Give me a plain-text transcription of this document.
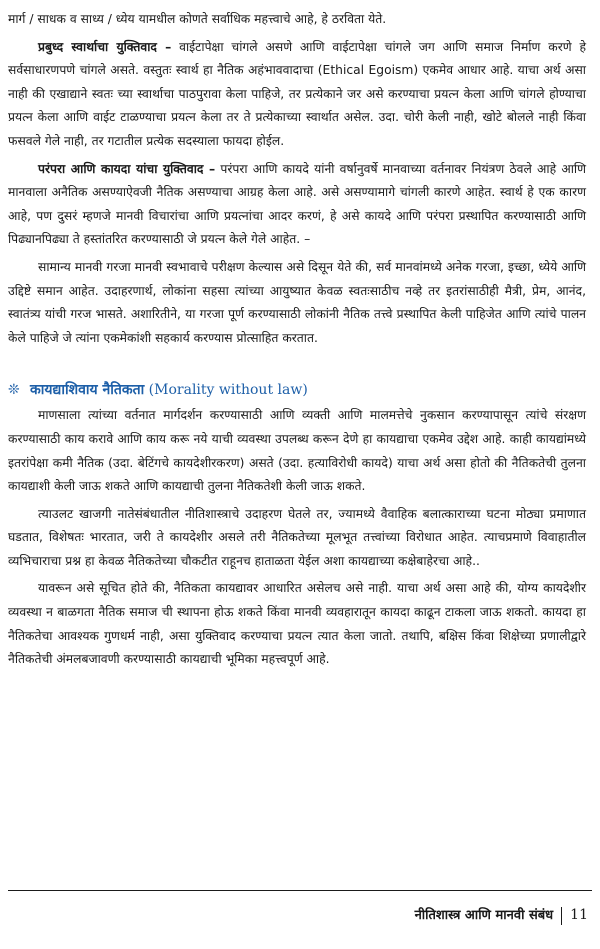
मार्ग / साधक व साध्य / ध्येय यामधील कोणते सर्वाधिक महत्त्वाचे आहे, हे ठरविता येते.

प्रबुध्द स्वार्थाचा युक्तिवाद – वाईटापेक्षा चांगले असणे आणि वाईटापेक्षा चांगले जग आणि समाज निर्माण करणे हे सर्वसाधारणपणे चांगले असते. वस्तुतः स्वार्थ हा नैतिक अहंभाववादाचा (Ethical Egoism) एकमेव आधार आहे. याचा अर्थ असा नाही की एखाद्याने स्वतः च्या स्वार्थाचा पाठपुरावा केला पाहिजे, तर प्रत्येकाने जर असे करण्याचा प्रयत्न केला आणि चांगले होण्याचा प्रयत्न केला आणि वाईट टाळण्याचा प्रयत्न केला तर ते प्रत्येकाच्या स्वार्थात असेल. उदा. चोरी केली नाही, खोटे बोलले नाही किंवा फसवले गेले नाही, तर गटातील प्रत्येक सदस्याला फायदा होईल.

परंपरा आणि कायदा यांचा युक्तिवाद – परंपरा आणि कायदे यांनी वर्षानुवर्षे मानवाच्या वर्तनावर नियंत्रण ठेवले आहे आणि मानवाला अनैतिक असण्याऐवजी नैतिक असण्याचा आग्रह केला आहे. असे असण्यामागे चांगली कारणे आहेत. स्वार्थ हे एक कारण आहे, पण दुसरं म्हणजे मानवी विचारांचा आणि प्रयत्नांचा आदर करणं, हे असे कायदे आणि परंपरा प्रस्थापित करण्यासाठी आणि पिढ्यानपिढ्या ते हस्तांतरित करण्यासाठी जे प्रयत्न केले गेले आहेत. –

सामान्य मानवी गरजा मानवी स्वभावाचे परीक्षण केल्यास असे दिसून येते की, सर्व मानवांमध्ये अनेक गरजा, इच्छा, ध्येये आणि उद्दिष्टे समान आहेत. उदाहरणार्थ, लोकांना सहसा त्यांच्या आयुष्यात केवळ स्वतःसाठीच नव्हे तर इतरांसाठीही मैत्री, प्रेम, आनंद, स्वातंत्र्य यांची गरज भासते. अशारितीने, या गरजा पूर्ण करण्यासाठी लोकांनी नैतिक तत्त्वे प्रस्थापित केली पाहिजेत आणि त्यांचे पालन केले पाहिजे जे त्यांना एकमेकांशी सहकार्य करण्यास प्रोत्साहित करतात.

❊ कायद्याशिवाय नैतिकता (Morality without law)

माणसाला त्यांच्या वर्तनात मार्गदर्शन करण्यासाठी आणि व्यक्ती आणि मालमत्तेचे नुकसान करण्यापासून त्यांचे संरक्षण करण्यासाठी काय करावे आणि काय करू नये याची व्यवस्था उपलब्ध करून देणे हा कायद्याचा एकमेव उद्देश आहे. काही कायद्यांमध्ये इतरांपेक्षा कमी नैतिक (उदा. बेटिंगचे कायदेशीरकरण) असते (उदा. हत्याविरोधी कायदे) याचा अर्थ असा होतो की नैतिकतेची तुलना कायद्याशी केली जाऊ शकते आणि कायद्याची तुलना नैतिकतेशी केली जाऊ शकते.

त्याउलट खाजगी नातेसंबंधातील नीतिशास्त्राचे उदाहरण घेतले तर, ज्यामध्ये वैवाहिक बलात्काराच्या घटना मोठ्या प्रमाणात घडतात, विशेषतः भारतात, जरी ते कायदेशीर असले तरी नैतिकतेच्या मूलभूत तत्त्वांच्या विरोधात आहेत. त्याचप्रमाणे विवाहातील व्यभिचाराचा प्रश्न हा केवळ नैतिकतेच्या चौकटीत राहूनच हाताळता येईल अशा कायद्याच्या कक्षेबाहेरचा आहे..

यावरून असे सूचित होते की, नैतिकता कायद्यावर आधारित असेलच असे नाही. याचा अर्थ असा आहे की, योग्य कायदेशीर व्यवस्था न बाळगता नैतिक समाज ची स्थापना होऊ शकते किंवा मानवी व्यवहारातून कायदा काढून टाकला जाऊ शकतो. कायदा हा नैतिकतेचा आवश्यक गुणधर्म नाही, असा युक्तिवाद करण्याचा प्रयत्न त्यात केला जातो. तथापि, बक्षिस किंवा शिक्षेच्या प्रणालीद्वारे नैतिकतेची अंमलबजावणी करण्यासाठी कायद्याची भूमिका महत्त्वपूर्ण आहे.

नीतिशास्त्र आणि मानवी संबंध 11
